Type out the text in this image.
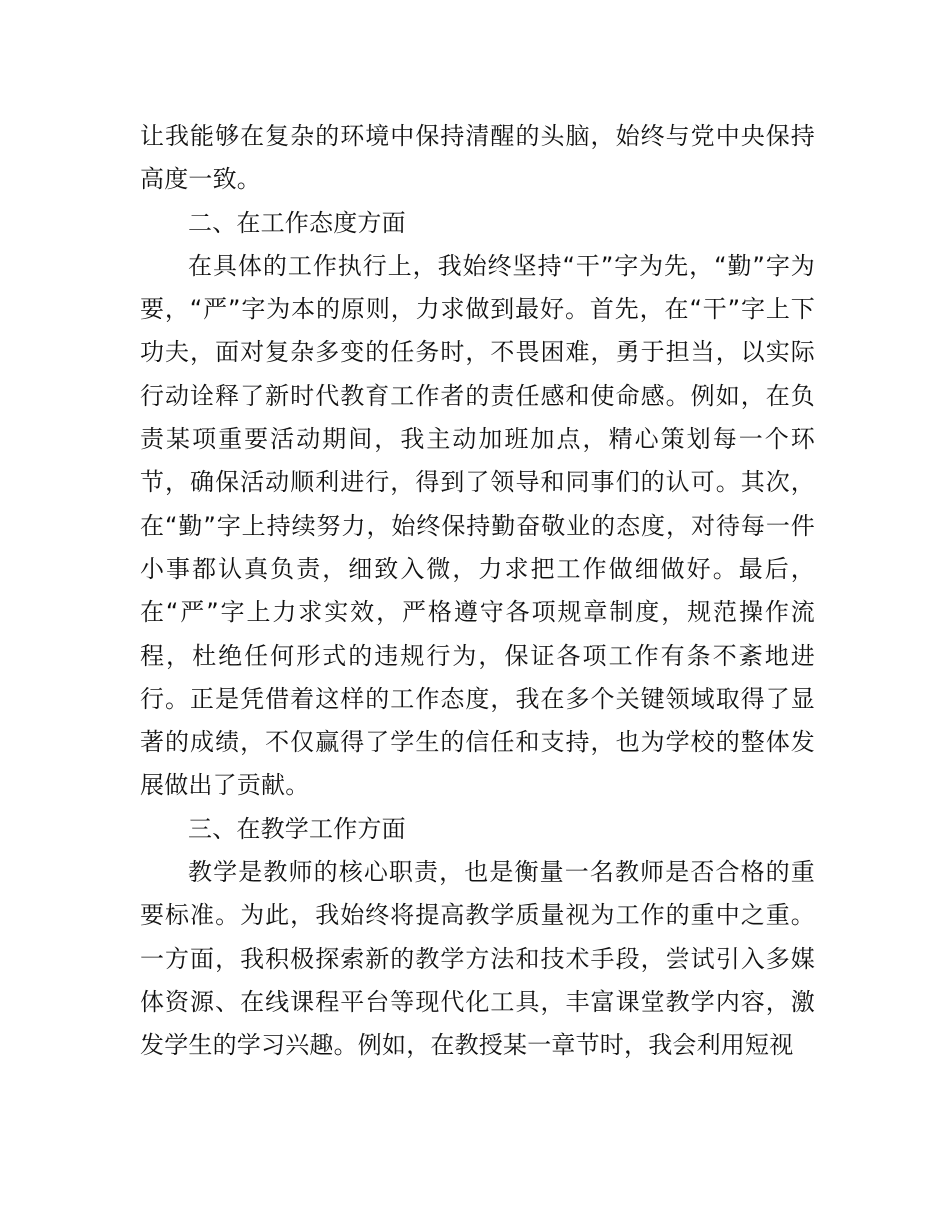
让我能够在复杂的环境中保持清醒的头脑，始终与党中央保持高度一致。

二、在工作态度方面

在具体的工作执行上，我始终坚持“干”字为先，“勤”字为要，“严”字为本的原则，力求做到最好。首先，在“干”字上下功夫，面对复杂多变的任务时，不畏困难，勇于担当，以实际行动诠释了新时代教育工作者的责任感和使命感。例如，在负责某项重要活动期间，我主动加班加点，精心策划每一个环节，确保活动顺利进行，得到了领导和同事们的认可。其次，在“勤”字上持续努力，始终保持勤奋敬业的态度，对待每一件小事都认真负责，细致入微，力求把工作做细做好。最后，在“严”字上力求实效，严格遵守各项规章制度，规范操作流程，杜绝任何形式的违规行为，保证各项工作有条不紊地进行。正是凭借着这样的工作态度，我在多个关键领域取得了显著的成绩，不仅赢得了学生的信任和支持，也为学校的整体发展做出了贡献。

三、在教学工作方面

教学是教师的核心职责，也是衡量一名教师是否合格的重要标准。为此，我始终将提高教学质量视为工作的重中之重。一方面，我积极探索新的教学方法和技术手段，尝试引入多媒体资源、在线课程平台等现代化工具，丰富课堂教学内容，激发学生的学习兴趣。例如，在教授某一章节时，我会利用短视
